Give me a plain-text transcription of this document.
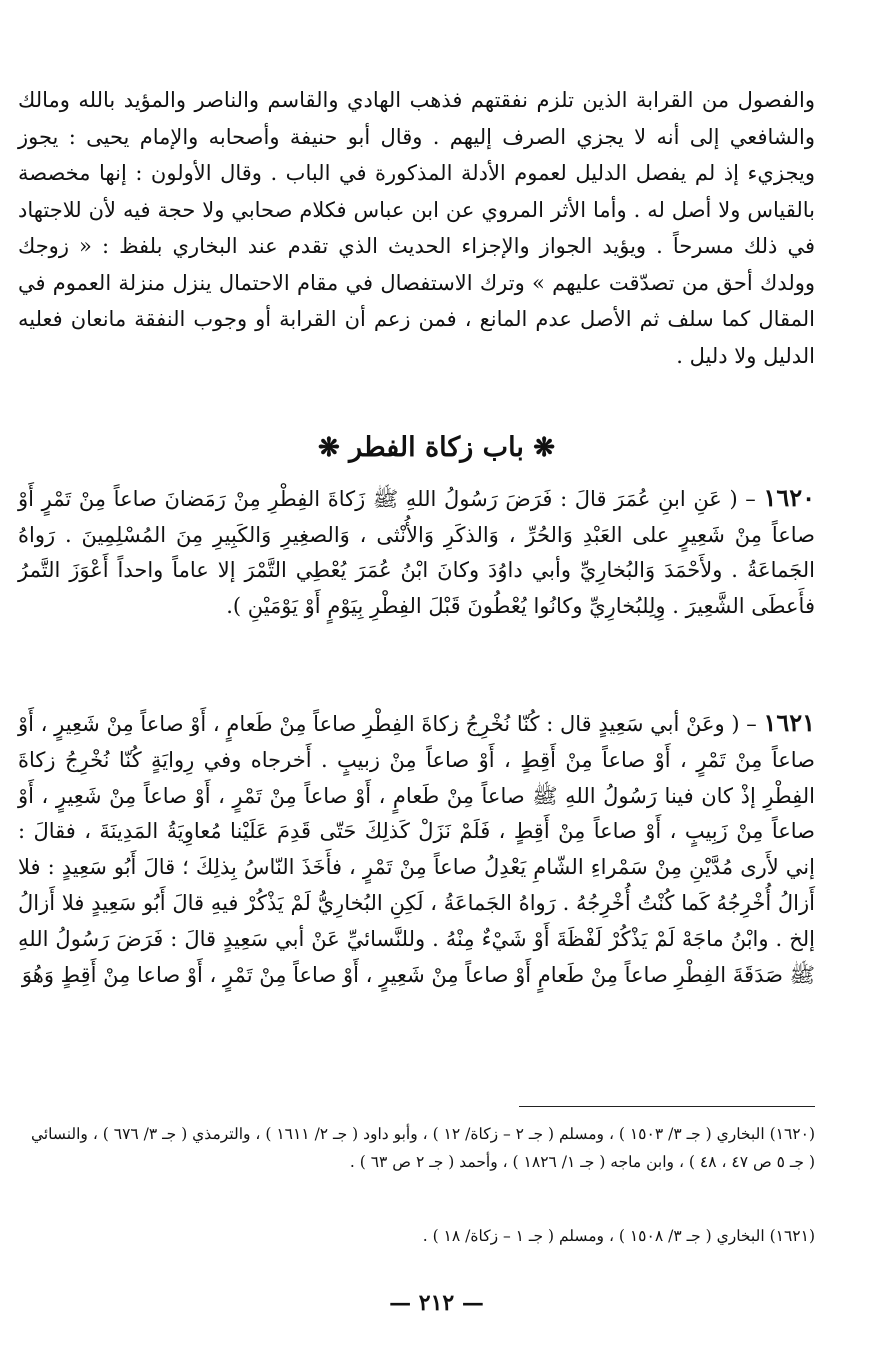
والفصول من القرابة الذين تلزم نفقتهم فذهب الهادي والقاسم والناصر والمؤيد بالله ومالك والشافعي إلى أنه لا يجزي الصرف إليهم . وقال أبو حنيفة وأصحابه والإمام يحيى : يجوز ويجزيء إذ لم يفصل الدليل لعموم الأدلة المذكورة في الباب . وقال الأولون : إنها مخصصة بالقياس ولا أصل له . وأما الأثر المروي عن ابن عباس فكلام صحابي ولا حجة فيه لأن للاجتهاد في ذلك مسرحاً . ويؤيد الجواز والإجزاء الحديث الذي تقدم عند البخاري بلفظ : « زوجك وولدك أحق من تصدّقت عليهم » وترك الاستفصال في مقام الاحتمال ينزل منزلة العموم في المقال كما سلف ثم الأصل عدم المانع ، فمن زعم أن القرابة أو وجوب النفقة مانعان فعليه الدليل ولا دليل .

❋ باب زكاة الفطر ❋

١٦٢٠ – ( عَنِ ابنِ عُمَرَ قالَ : فَرَضَ رَسُولُ اللهِ ﷺ زَكاةَ الفِطْرِ مِنْ رَمَضانَ صاعاً مِنْ تَمْرٍ أَوْ صاعاً مِنْ شَعِيرٍ على العَبْدِ وَالحُرِّ ، وَالذكَرِ وَالأُنْثى ، وَالصغِيرِ وَالكَبِيرِ مِنَ المُسْلِمِينَ . رَواهُ الجَماعَةُ . ولأَحْمَدَ وَالبُخارِيِّ وأبي داوُدَ وكانَ ابْنُ عُمَرَ يُعْطِي التَّمْرَ إلا عاماً واحداً أَعْوَزَ التَّمرُ فأَعطَى الشَّعِيرَ . وِلِلبُخارِيِّ وكانُوا يُعْطُونَ قَبْلَ الفِطْرِ بِيَوْمٍ أَوْ يَوْمَيْنِ ).

١٦٢١ – ( وعَنْ أبي سَعِيدٍ قال : كُنّا نُخْرِجُ زكاةَ الفِطْرِ صاعاً مِنْ طَعامٍ ، أَوْ صاعاً مِنْ شَعِيرٍ ، أَوْ صاعاً مِنْ تَمْرٍ ، أَوْ صاعاً مِنْ أَقِطٍ ، أَوْ صاعاً مِنْ زبيبٍ . أَخرجاه وفي رِوايَةٍ كُنّا نُخْرِجُ زكاةَ الفِطْرِ إذْ كان فينا رَسُولُ اللهِ ﷺ صاعاً مِنْ طَعامٍ ، أَوْ صاعاً مِنْ تَمْرٍ ، أَوْ صاعاً مِنْ شَعِيرٍ ، أَوْ صاعاً مِنْ زَبِيبٍ ، أَوْ صاعاً مِنْ أَقِطٍ ، فَلَمْ نَزَلْ كَذلِكَ حَتّى قَدِمَ عَلَيْنا مُعاوِيَةُ المَدِينَةَ ، فقالَ : إني لأَرى مُدَّيْنِ مِنْ سَمْراءِ الشّامِ يَعْدِلُ صاعاً مِنْ تَمْرٍ ، فأَخَذَ النّاسُ بِذلِكَ ؛ قالَ أَبُو سَعِيدٍ : فلا أَزالُ أُخْرِجُهُ كَما كُنْتُ أُخْرِجُهُ . رَواهُ الجَماعَةُ ، لَكِنِ البُخارِيُّ لَمْ يَذْكُرْ فيهِ قالَ أَبُو سَعِيدٍ فلا أَزالُ إلخ . وابْنُ ماجَهْ لَمْ يَذْكُرْ لَفْظَةَ أَوْ شَيْءٌ مِنْهُ . وللنَّسائيِّ عَنْ أبي سَعِيدٍ قالَ : فَرَضَ رَسُولُ اللهِ ﷺ صَدَقَةَ الفِطْرِ صاعاً مِنْ طَعامٍ أَوْ صاعاً مِنْ شَعِيرٍ ، أَوْ صاعاً مِنْ تَمْرٍ ، أَوْ صاعا مِنْ أَقِطٍ وَهُوَ

(١٦٢٠) البخاري ( جـ ٣/ ١٥٠٣ ) ، ومسلم ( جـ ٢ – زكاة/ ١٢ ) ، وأبو داود ( جـ ٢/ ١٦١١ ) ، والترمذي ( جـ ٣/ ٦٧٦ ) ، والنسائي ( جـ ٥ ص ٤٧ ، ٤٨ ) ، وابن ماجه ( جـ ١/ ١٨٢٦ ) ، وأحمد ( جـ ٢ ص ٦٣ ) .

(١٦٢١) البخاري ( جـ ٣/ ١٥٠٨ ) ، ومسلم ( جـ ١ – زكاة/ ١٨ ) .

— ٢١٢ —
